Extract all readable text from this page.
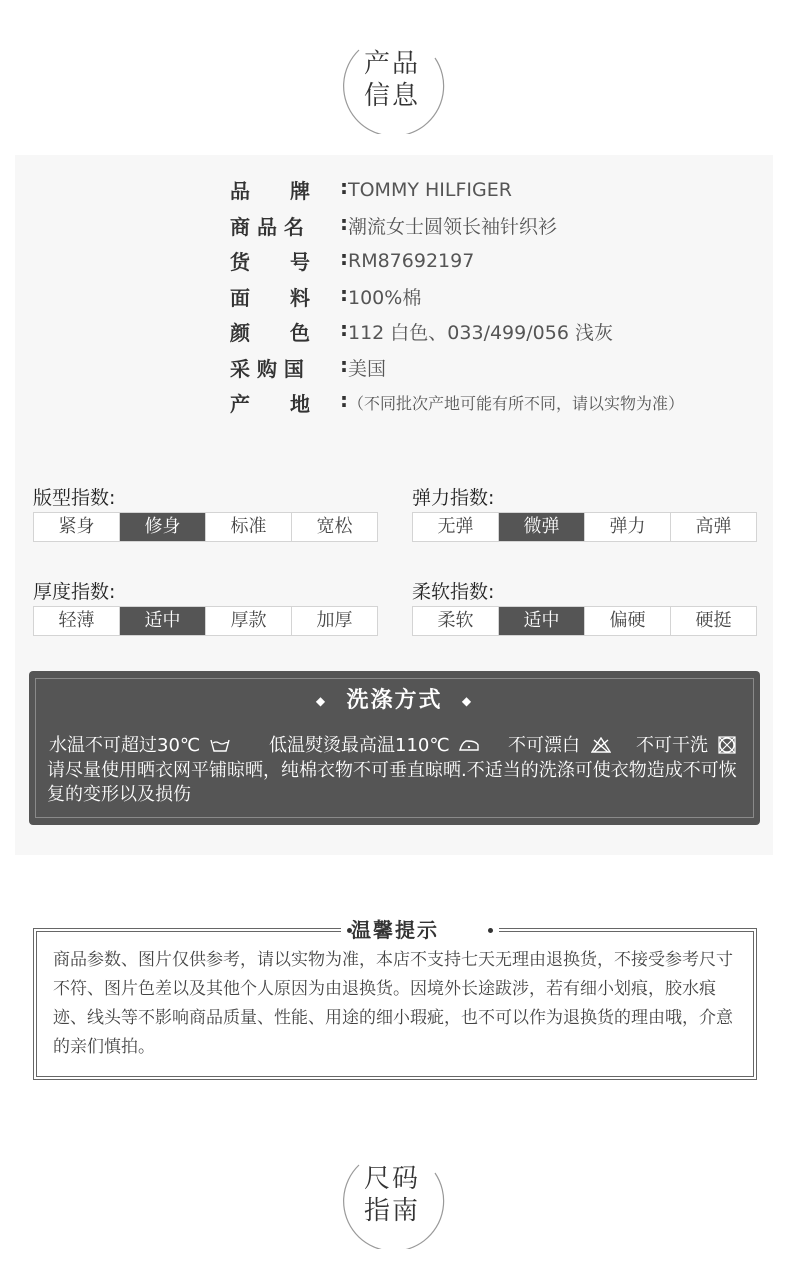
产品
信息
品　　牌 : TOMMY HILFIGER
商 品 名 : 潮流女士圆领长袖针织衫
货　　号 : RM87692197
面　　料 : 100%棉
颜　　色 : 112 白色、033/499/056 浅灰
采 购 国 : 美国
产　　地 : （不同批次产地可能有所不同，请以实物为准）
版型指数:
紧身	修身	标准	宽松
弹力指数:
无弹	微弹	弹力	高弹
厚度指数:
轻薄	适中	厚款	加厚
柔软指数:
柔软	适中	偏硬	硬挺
◆ 洗涤方式 ◆
水温不可超过30℃	低温熨烫最高温110℃	不可漂白	不可干洗
请尽量使用晒衣网平铺晾晒，纯棉衣物不可垂直晾晒.不适当的洗涤可使衣物造成不可恢复的变形以及损伤
商品参数、图片仅供参考，请以实物为准，本店不支持七天无理由退换货，不接受参考尺寸不符、图片色差以及其他个人原因为由退换货。因境外长途跋涉，若有细小划痕，胶水痕迹、线头等不影响商品质量、性能、用途的细小瑕疵，也不可以作为退换货的理由哦，介意的亲们慎拍。
温馨提示
尺码
指南
